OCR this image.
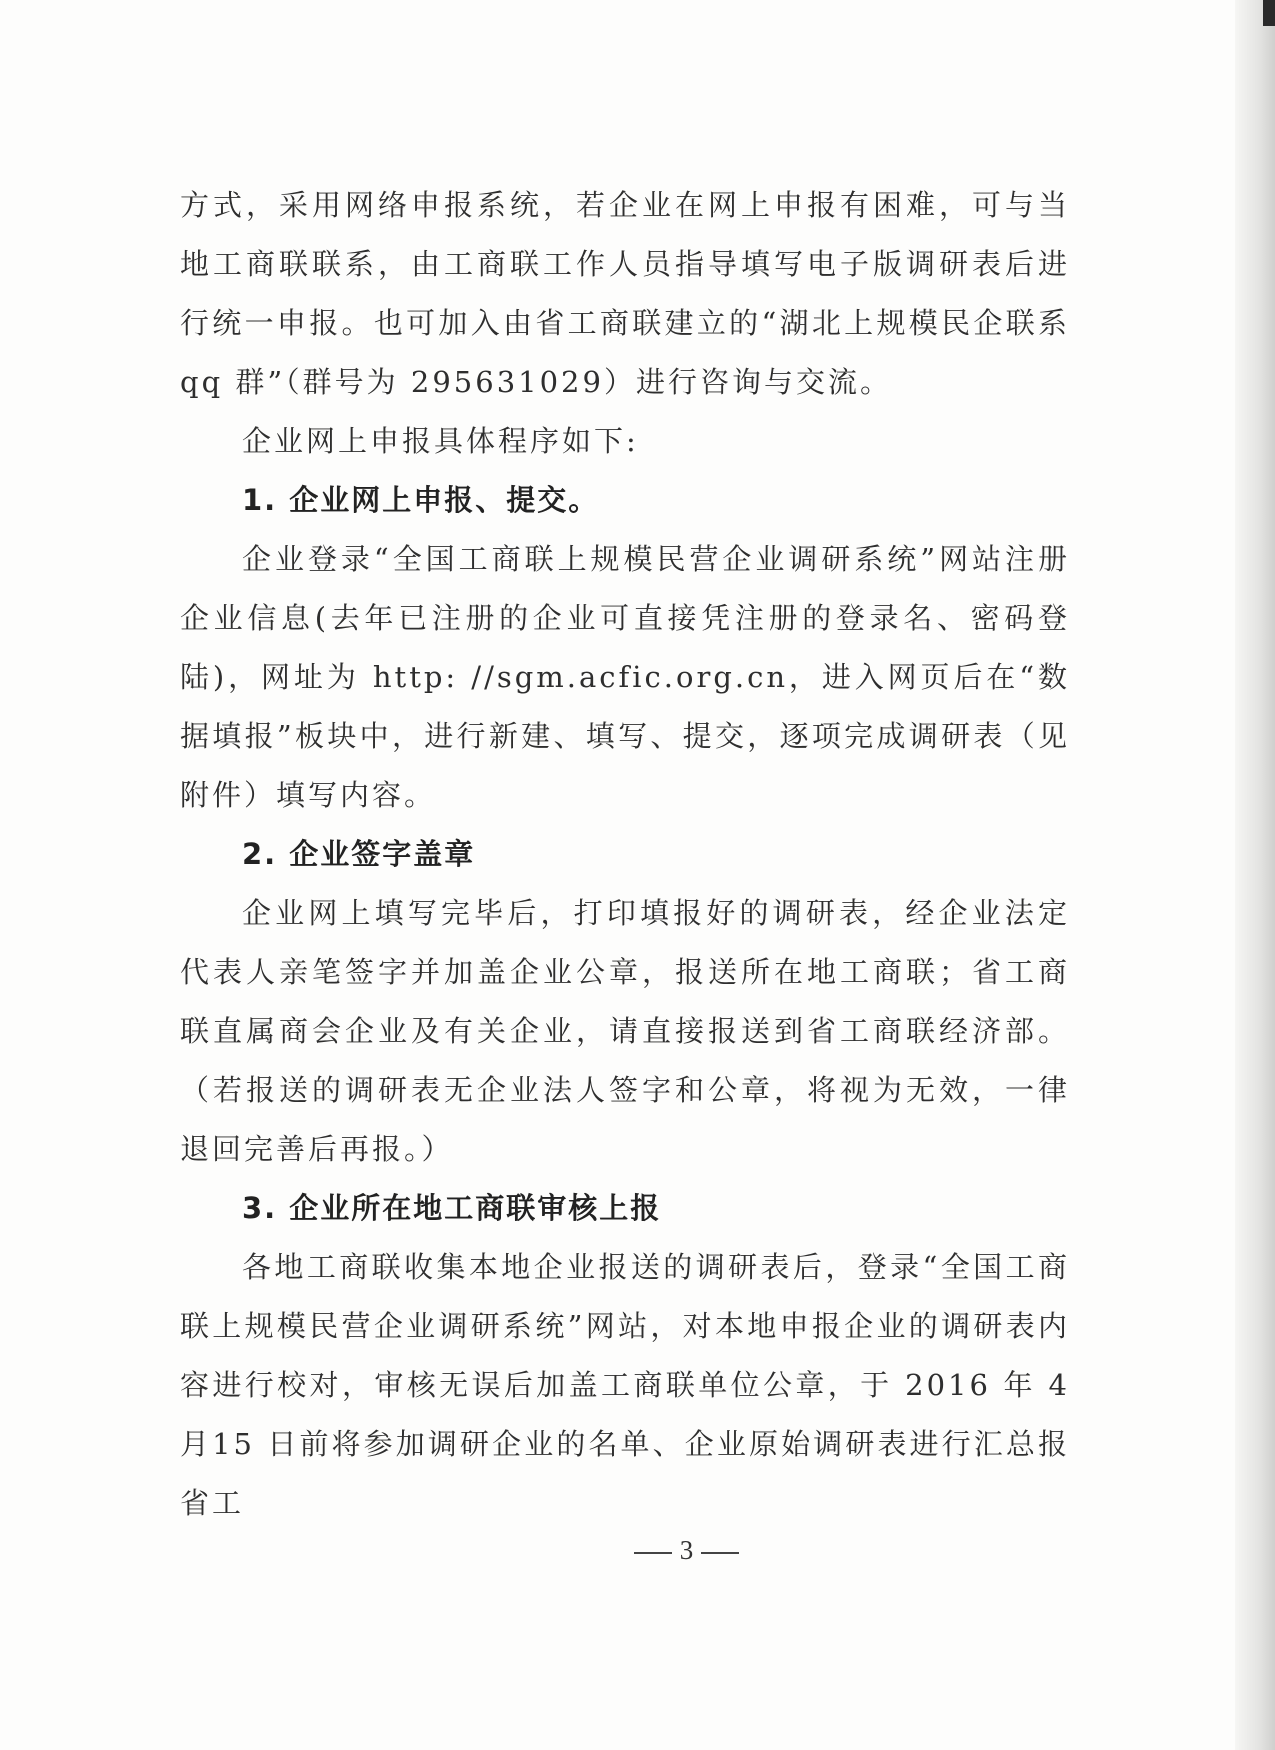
方式，采用网络申报系统，若企业在网上申报有困难，可与当地工商联联系，由工商联工作人员指导填写电子版调研表后进行统一申报。也可加入由省工商联建立的“湖北上规模民企联系 qq 群”（群号为 295631029）进行咨询与交流。

企业网上申报具体程序如下:

1. 企业网上申报、提交。

企业登录“全国工商联上规模民营企业调研系统”网站注册企业信息(去年已注册的企业可直接凭注册的登录名、密码登陆)，网址为 http: //sgm.acfic.org.cn，进入网页后在“数据填报”板块中，进行新建、填写、提交，逐项完成调研表（见附件）填写内容。

2. 企业签字盖章

企业网上填写完毕后，打印填报好的调研表，经企业法定代表人亲笔签字并加盖企业公章，报送所在地工商联；省工商联直属商会企业及有关企业，请直接报送到省工商联经济部。（若报送的调研表无企业法人签字和公章，将视为无效，一律退回完善后再报。）

3. 企业所在地工商联审核上报

各地工商联收集本地企业报送的调研表后，登录“全国工商联上规模民营企业调研系统”网站，对本地申报企业的调研表内容进行校对，审核无误后加盖工商联单位公章，于 2016 年 4 月15 日前将参加调研企业的名单、企业原始调研表进行汇总报省工

3
